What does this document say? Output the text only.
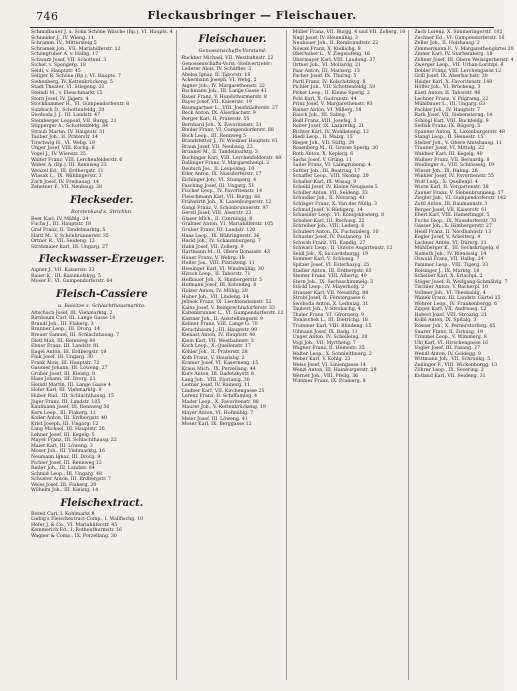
746	Fleckausbringer — Fleischauer.
Schmidbauer J. u. Sohn Schöne Wäsche (Bp.), VI. Haupts. 4
Schneider J., IV. Wieng. 11
Schramm, IV., Mittersteig 5
Schramek Joh., VII. Mariahilferstr. 12
Schöngruber A. v. Halbg. 17
Schwarz Josef, VII. Schottenf. 3
Sicher, v. Spengerg. 18
Seidl, v. Hauptstr. 45
Seliger R. Schöne (Bp.), VI. Haupts. 7
Siehenberg, IV. Kettenbrückeng. 5
Stadt Theater, VI. Stiegeng. 21
Steindl M., v. Fleischmarkt 15
Stern Josef, IV. Jägerz. 4
Stockhammer H., VI. Gumpendorferstr. 8
Sulzbach D., Schottenfeldg. 20
Swoboda J. J., III. Landstr. 47
Steinberger Leopold, VII. Burgg. 21
Stipperger A., Schottenfeldg. 84
Straub Martin, IV. Hauptstr. 31
Tauber Joh., II. Praterstr. 14
Tirschwig H., VI. Webg. 19
Unger Josef, VIII. Kochg. 6
Vogel J., IV. Wienstr. 25
Walter Franz, VIII. Lerchenfelderstr. 6
Weber A. (Bp.), III. Rennweg 23
Wenzel Ed., III. Erdbergstr. 11
Wlasak L., IX. Wählingerstr. 3
Zach Josef, IV. Freihausg. 14
Zehetner F., VII. Neubaug. 38
Fleckseder.
Borstenkauf s. Strichkn.
Beer Karl, IV. Mühlg. 24
Fuchs J., III. Hauptstr. 18
Graf Franz, II. Tandelmarktg. 5
Hartl M., V. Schönbrunnerstr. 35
Ortner R., VII. Seideng. 13
Strohmaier Karl, III. Ungarg. 27
Fleckwasser-Erzeuger.
Aigner J., VII. Kaiserstr. 33
Bauer K., III. Rasumofskyg. 5
Moser F., VI. Gumpendorferstr. 64
Fleisch-Cassiere
u. Beisitze z. Schlachthausmarkte.
Altschach Josef, III. Viehmarktg. 2
Birnbaum Carl, III. Lange Gasse 10
Brandl Joh., III. Fiakerg. 3
Brunner Leop., III. Drorg. 14
Breuer Samuel, III. Schlachthausg. 7
Dietl Max, III. Rennweg 44
Ebner Franz, III. Landstr. 81
Engel Anton, III. Erdbergstr. 19
Fink Josef, III. Ungarg. 30
Frank Alois, III. Hauptstr. 72
Gassner Johann, III. Löweng. 27
Gruber Josef, III. Kleistg. 8
Haas Johann, III. Drorg. 21
Heindl Martin, III. Lange Gasse 4
Hofer Karl, III. Viehmarktg. 9
Huber Rud., III. Schlachthausg. 15
Jäger Franz, III. Landstr. 105
Kaufmann Josef, III. Rennweg 56
Kern Leop., III. Fiakerg. 11
Koller Anton, III. Erdbergstr. 40
Krist Joseph, III. Ungarg. 12
Lang Michael, III. Hauptstr. 26
Lehner Josef, III. Kegelg. 5
Mayer Franz, III. Schlachthausg. 22
Maier Karl, III. Löweng. 3
Moser Joh., III. Viehmarktg. 16
Neumann Ignaz, III. Drorg. 9
Pichler Josef, III. Rennweg 12
Reiter Joh., III. Landstr. 64
Schmid Leop., III. Ungarg. 48
Schuster Anton, III. Erdbergstr. 7
Weiss Josef, III. Fiakerg. 20
Wilhelm Joh., III. Kleistg. 14
Fleischextract.
Bereit Carl, I. Kohlmarkt 8
Liebig's Fleischextract-Comp., I. Wallfischg. 10
Hofer J. & Co., VI. Mariahilferstr. 45
Kemmerich Ed., I. Rothenthurmstr. 16
Wagner & Comp., IX. Porzellang. 30
Fleischauer.
Genossenschafts-Vorstand:
Ruckher Michael, VII. Westbahnstr. 12
Genossenschafts-Vorst.-Stellvertreter:
Lederer Alois, IV. Schäffler. 3
Abeles Ignaz, II. Taborstr. 18
Ackermann Joseph, VI. Webg. 2
Aigner Joh., IV. Margarethenstr. 22
Bachmann Joh., III. Lange Gasse 41
Bauer Franz, V. Hundsthurmerstr. 8
Bayer Josef, VII. Kaiserstr. 19
Baumgartner L., VIII. Josefstädterstr. 27
Beck Anton, IX. Alserbachstr. 9
Berger Karl, II. Praterstr. 55
Bernhard Joh., X. Favoritenstr. 31
Binder Franz, VI. Gumpendorferstr. 88
Bock Leop., III. Rennweg 5
Brandstetter J., IV. Wiedner Hauptstr. 61
Braun Josef, VII. Neubaug. 22
Brunner M., II. Tandelmarktg. 3
Buchinger Karl, VIII. Lerchenfelderstr. 48
Dallinger Franz, V. Margarethenpl. 2
Deutsch Jos., II. Leopoldsg. 10
Eder Anton, IX. Nussdorferstr. 17
Eichinger Joh., VI. Stumperg. 4
Fasching Josef, III. Ungarg. 51
Fischer Leop., IV. Favoritenstr. 14
Fleischmann Karl, VII. Burgg. 66
Frühwirth Joh., X. Laxenburgerstr. 12
Gangl Franz, V. Schönbrunnerstr. 97
Gerstl Josef, VIII. Alserstr. 23
Glaser Mich., II. Czerningg. 8
Grabner Anton, VI. Mariahilferstr. 105
Gruber Franz, III. Landstr. 120
Haas Leop., IX. Währingerstr. 36
Hackl Joh., IV. Schaumburgerg. 7
Hahn Josef, VII. Zollerg. 9
Hartmann M., II. Obere Donaustr. 43
Hauer Franz, V. Wehrg. 18
Heller Jos., VIII. Piaristeng. 11
Hiesinger Karl, VI. Windmühlg. 30
Hirsch Leop., II. Taborstr. 71
Hofbauer Joh., X. Himbergerstr. 5
Hofmann Josef, III. Kolonitzg. 6
Holzer Anton, IV. Mühlg. 20
Huber Joh., VII. Lindeng. 14
Jelinek Franz, IX. Liechtensteinstr. 52
Kainz Josef, V. Reinprechtsdorferstr. 33
Kaltenbrunner L., VI. Gumpendorferstr. 12
Kastner Joh., II. Ausstellungsstr. 9
Kellner Franz, VIII. Lange G. 70
Kerschbaum J., III. Hauptstr. 99
Kienast Anton, IV. Hauptstr. 40
Klein Karl, VII. Westbahnstr. 3
Koch Leop., X. Quellenstr. 17
Köhler Joh., II. Praterstr. 28
Kolb Franz, V. Hauslabg. 2
Kramer Josef, VI. Kaserneng. 15
Kraus Mich., IX. Porzellang. 44
Kurz Anton, III. Radetzkystr. 8
Lang Joh., VIII. Florianig. 30
Leitner Josef, IV. Rainerg. 11
Lindner Karl, VII. Kirchengasse 25
Lorenz Franz, II. Schiffamtsg. 4
Mader Leop., X. Favoritenstr. 88
Maurer Joh., V. Kettenbrückeng. 19
Mayer Anton, VI. Hofmühlg. 7
Meier Josef, III. Löweng. 41
Moser Karl, IX. Berggasse 12
Müller Franz, VII. Burgg. 4 und VII. Zollerg. 10
Nagl Josef, IV. Heumühlg. 3
Neubauer Joh., II. Rembrandtstr. 22
Nowak Franz, X. Kudlichg. 9
Oberhuber L., V. Ziegelofeng. 16
Obermayer Karl, VIII. Laudong. 37
Ortner Joh., VI. Mollardg. 21
Paar Anton, III. Marxerg. 13
Pacher Josef, IX. Thurng. 5
Partl Franz, IV. Kolschitzkyg. 8
Pichler Joh., VII. Schottenfeldg. 59
Pirker Leop., II. Kleine Sperlg. 2
Pohl Karl, X. Gudrunstr. 44
Prinz Josef, V. Margarethenstr. 93
Rainer Anton, VI. Millerg. 18
Rauch Joh., III. Salmg. 7
Redl Franz, VIII. Josefsg. 3
Reiter Josef, IX. Lazarethg. 21
Richter Karl, IV. Wohllebeng. 12
Riedl Leop., II. Malzg. 15
Rieger Joh., VII. Stiftg. 29
Rosenberg M., II. Grosse Sperlg. 30
Roth Anton, X. Keplerg. 6
Sachs Josef, V. Grüng. 11
Sailer Franz, VI. Laimgrubeng. 4
Sattler Joh., III. Beatrixg. 17
Schaffer Leop., VIII. Skodag. 20
Schaller Karl, IX. Wasag. 9
Scheibl Josef, IV. Kleine Neugasse 5
Schiller Anton, VII. Seideng. 33
Schindler Joh., II. Novarag. 41
Schlager Franz, X. Van der Nüllg. 3
Schmid Josef, V. Rüdigerg. 14
Schneider Leop., VI. Königsklosterg. 8
Schober Karl, III. Rochusg. 22
Schreiber Joh., VIII. Lederg. 6
Schubert Anton, IX. Fuchstalerg. 10
Schuster Josef, IV. Paulanerg. 16
Schwab Franz, VII. Kandlg. 27
Schwarz Leop., II. Untere Augartenstr. 12
Seidl Joh., X. Siccardsburgg. 19
Sommer Karl, V. Schlossg. 7
Spitzer Josef, VI. Esterhazyg. 25
Stadler Anton, III. Erdbergstr. 63
Steiner Franz, VIII. Albertg. 40
Stern Joh., IX. Sechsschimmelg. 3
Stöckl Leop., IV. Mayerhofg. 2
Strasser Karl, VII. Neustiftg. 88
Strobl Josef, II. Förstergasse 6
Swoboda Anton, X. Leibnizg. 31
Taubert Joh., V. Strobachg. 4
Thaler Franz, VI. Gfrornerg. 9
Tomaschek L., III. Dietrichg. 18
Trummer Karl, VIII. Blindeng. 15
Ullmann Josef, IX. Badg. 11
Unger Anton, IV. Schelleing. 20
Vogl Joh., VII. Myrtheng. 7
Wagner Franz, II. Heinestr. 35
Walter Leop., X. Sonnleithnerg. 2
Weber Karl, V. Kohlg. 23
Weiss Josef, VI. Liniengasse 14
Wenzl Anton, III. Hainburgerstr. 29
Werner Joh., VIII. Pfeilg. 36
Wimmer Franz, IX. Pramerg. 8
Zach Lorenz, X. Simmeringerstr. 102
Zechner Ed., VI. Gumpendorferstr. 16
Zeller Joh., II. Holzhausg. 2
Zimmermann F., V. Margarethengürtel 20
Zinner Karl, IV. Starhemberg. 18
Zöllner Josef, III. Obere Weissgerberstr. 4
Zwerger Leop., VII. Urban-Loritzpl. 6
Dobler Franz, VIII. Lerchengasse 12
Grill Josef, IX. Alserbachstr. 30
Haider Karl, X. Favoritenstr. 140
Höfler Joh., VI. Brückeng. 3
Kastl Anton, II. Taborstr. 96
Lechner Franz, V. Pilgramg. 22
Mühlbauer L., III. Ungarg. 63
Pachler Joh., IV. Hauptstr. 7
Rath Josef, VII. Siebensterng. 14
Schlögl Karl, VIII. Buchfeldg. 9
Sedlak Franz, IX. Rögerg. 5
Spanner Anton, X. Laxenburgerstr. 48
Stangl Leop., II. Heinestr. 15
Stelzer Joh., V. Obere Amtshausg. 11
Trauner Josef, VI. Mittelg. 22
Waldner Karl, III. Kegelg. 40
Wallner Franz, VII. Bernardg. 8
Weidinger A., VIII. Schlösselg. 19
Wieser Joh., IX. Hahng. 26
Winkler Josef, IV. Favoritenstr. 55
Wolf Leop., X. Quellenpl. 4
Wurm Karl, II. Vorgartenstr. 38
Zauner Franz, V. Siebenbrunneng. 17
Ziegler Joh., VI. Gumpendorferstr. 142
Zottl Anton, III. Baumannstr. 3
Berger Josef, VII. Kaiserstr. 61
Eberl Karl, VIII. Hamerlingpl. 5
Fuchs Leop., IX. Nussdorferstr. 70
Gasser Joh., X. Himbergerstr. 27
Heidl Franz, II. Nordbahnstr. 13
Kogler Josef, V. Arbeiterg. 9
Lackner Anton, VI. Dürerg. 11
Mühlberger K., III. Sechskrügelg. 6
Nemeth Joh., IV. Rienösslg. 14
Oswald Franz, VII. Halbg. 24
Pammer Leop., VIII. Tigerg. 33
Reisinger J., IX. Marktg. 18
Scheiber Karl, X. Erlachpl. 2
Stöger Josef, II. Wolfgang-Schmälzlg. 7
Tischler Anton, V. Bacherpl. 10
Vollmer Joh., VI. Theobaldg. 4
Wanek Franz, III. Landstr. Gürtel 15
Wöhrer Leop., IV. Frankenbergg. 6
Zipper Karl, VII. Andreasg. 12
Haberl Josef, VIII. Strozzig. 21
Kolbl Anton, IX. Spitalg. 3
Rösner Joh., X. Pernerstorferg. 45
Saurer Franz, II. Zirkusg. 19
Trimmel Leop., V. Wimmerg. 8
Uhl Karl, VI. Hirschengasse 16
Vogler Josef, III. Fasang. 27
Wendl Anton, IV. Goldegg. 9
Wittmann Joh., VII. Schrankg. 5
Zeilinger F., VIII. Wickenburgg. 13
Zöhrer Leop., IX. Severing. 2
Kotland Karl, VII. Seideng. 31
